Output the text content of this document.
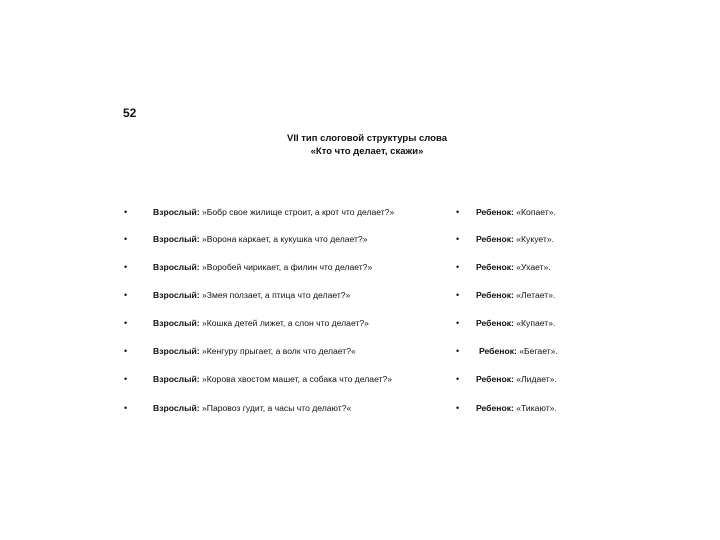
52
VII тип слоговой структуры слова
«Кто что делает, скажи»
•	Взрослый: »Бобр свое жилище строит, а крот что делает?»	• Ребенок: «Копает».
•	Взрослый: »Ворона каркает, а кукушка что делает?»	• Ребенок: «Кукует».
•	Взрослый: »Воробей чирикает, а филин что делает?»	• Ребенок: «Ухает».
•	Взрослый: »Змея ползает, а птица что делает?»	• Ребенок: «Летает».
•	Взрослый: »Кошка детей лижет, а слон что делает?»	• Ребенок: «Купает».
•	Взрослый: »Кенгуру прыгает, а волк что делает?«	• Ребенок: «Бегает».
•	Взрослый: »Корова хвостом машет, а собака что делает?»	• Ребенок: «Лидает».
•	Взрослый: »Паровоз гудит, а часы что делают?«	• Ребенок: «Тикают».
